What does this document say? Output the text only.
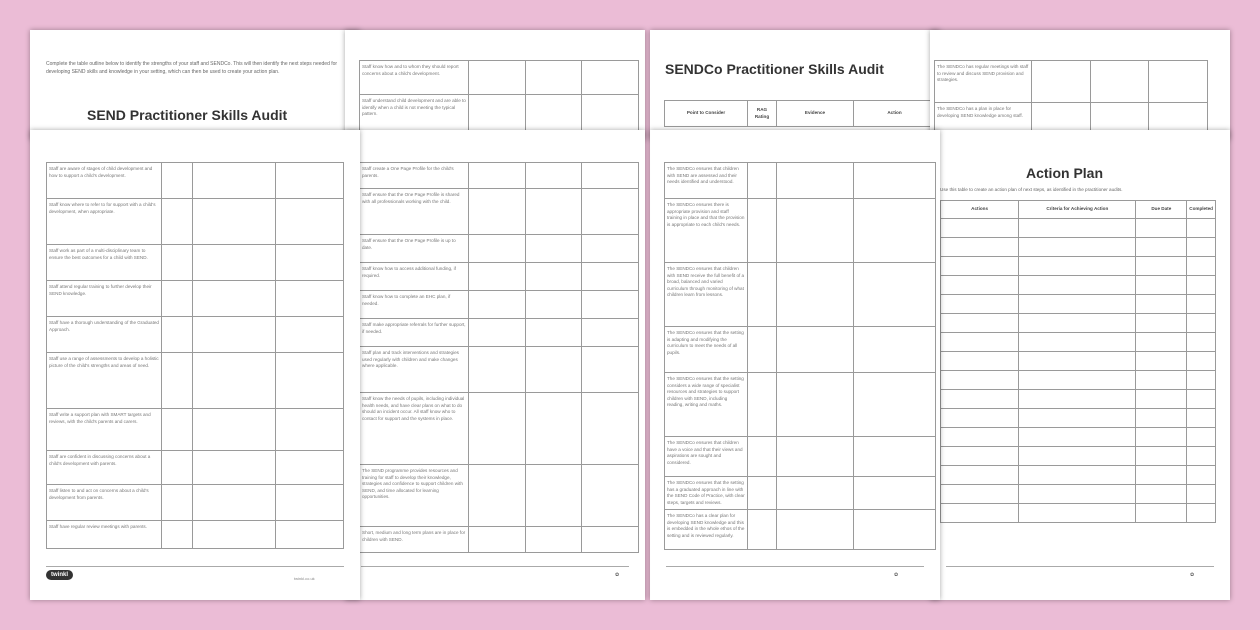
Complete the table outline below to identify the strengths of your staff and SENDCo. This will then identify the next steps needed for developing SEND skills and knowledge in your setting, which can then be used to create your action plan.
SEND Practitioner Skills Audit
Staff know how and to whom they should report concerns about a child's development.			
Staff understand child development and are able to identify when a child is not meeting the typical pattern.			
SENDCo Practitioner Skills Audit
Point to Consider	RAG Rating	Evidence	Action
The SENDCo has regular meetings with staff to review and discuss SEND provision and strategies.			
The SENDCo has a plan in place for developing SEND knowledge among staff.			
Action Plan
Use this table to create an action plan of next steps, as identified in the practitioner audits.
Actions	Criteria for Achieving Action	Due Date	Completed

✿
The SENDCo ensures that children with SEND are assessed and their needs identified and understood.			
The SENDCo ensures there is appropriate provision and staff training in place and that the provision is appropriate to each child's needs.			
The SENDCo ensures that children with SEND receive the full benefit of a broad, balanced and varied curriculum through monitoring of what children learn from lessons.			
The SENDCo ensures that the setting is adapting and modifying the curriculum to meet the needs of all pupils.			
The SENDCo ensures that the setting considers a wide range of specialist resources and strategies to support children with SEND, including reading, writing and maths.			
The SENDCo ensures that children have a voice and that their views and aspirations are sought and considered.			
The SENDCo ensures that the setting has a graduated approach in line with the SEND Code of Practice, with clear steps, targets and reviews.			
The SENDCo has a clear plan for developing SEND knowledge and this is embedded in the whole ethos of the setting and is reviewed regularly.			
✿
Staff create a One Page Profile for the child's parents.			
Staff ensure that the One Page Profile is shared with all professionals working with the child.			
Staff ensure that the One Page Profile is up to date.			
Staff know how to access additional funding, if required.			
Staff know how to complete an EHC plan, if needed.			
Staff make appropriate referrals for further support, if needed.			
Staff plan and track interventions and strategies used regularly with children and make changes where applicable.			
Staff know the needs of pupils, including individual health needs, and have clear plans on what to do should an incident occur. All staff know who to contact for support and the systems in place.			
The SEND programme provides resources and training for staff to develop their knowledge, strategies and confidence to support children with SEND, and time allocated for learning opportunities.			
Short, medium and long term plans are in place for children with SEND.			
✿
Staff are aware of stages of child development and how to support a child's development.			
Staff know where to refer to for support with a child's development, when appropriate.			
Staff work as part of a multi-disciplinary team to ensure the best outcomes for a child with SEND.			
Staff attend regular training to further develop their SEND knowledge.			
Staff have a thorough understanding of the Graduated Approach.			
Staff use a range of assessments to develop a holistic picture of the child's strengths and areas of need.			
Staff write a support plan with SMART targets and reviews, with the child's parents and carers.			
Staff are confident in discussing concerns about a child's development with parents.			
Staff listen to and act on concerns about a child's development from parents.			
Staff have regular review meetings with parents.			
twinkl
twinkl.co.uk
